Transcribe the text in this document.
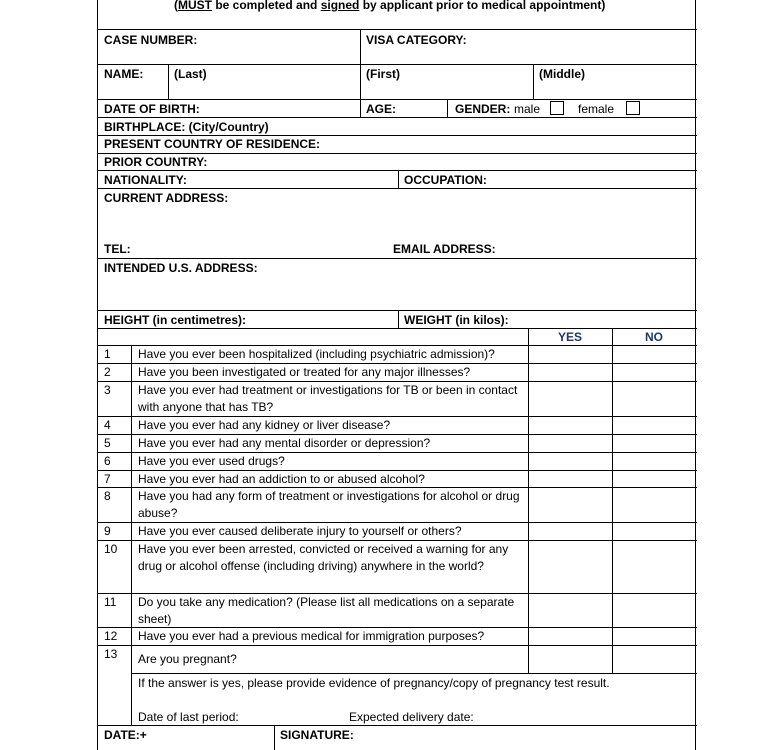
(MUST be completed and signed by applicant prior to medical appointment)
CASE NUMBER:	VISA CATEGORY:
NAME:	(Last)	(First)	(Middle)
DATE OF BIRTH:	AGE:	GENDER: male	female
BIRTHPLACE: (City/Country)
PRESENT COUNTRY OF RESIDENCE:
PRIOR COUNTRY:
NATIONALITY:	OCCUPATION:
CURRENT ADDRESS:
TEL:	EMAIL ADDRESS:
INTENDED U.S. ADDRESS:
HEIGHT (in centimetres):	WEIGHT (in kilos):
YES	NO
1 Have you ever been hospitalized (including psychiatric admission)?
2 Have you been investigated or treated for any major illnesses?
3 Have you ever had treatment or investigations for TB or been in contact with anyone that has TB?
4 Have you ever had any kidney or liver disease?
5 Have you ever had any mental disorder or depression?
6 Have you ever used drugs?
7 Have you ever had an addiction to or abused alcohol?
8 Have you had any form of treatment or investigations for alcohol or drug abuse?
9 Have you ever caused deliberate injury to yourself or others?
10 Have you ever been arrested, convicted or received a warning for any drug or alcohol offense (including driving) anywhere in the world?
11 Do you take any medication? (Please list all medications on a separate sheet)
12 Have you ever had a previous medical for immigration purposes?
13 Are you pregnant?
If the answer is yes, please provide evidence of pregnancy/copy of pregnancy test result.
Date of last period:	Expected delivery date:
DATE:+	SIGNATURE:
